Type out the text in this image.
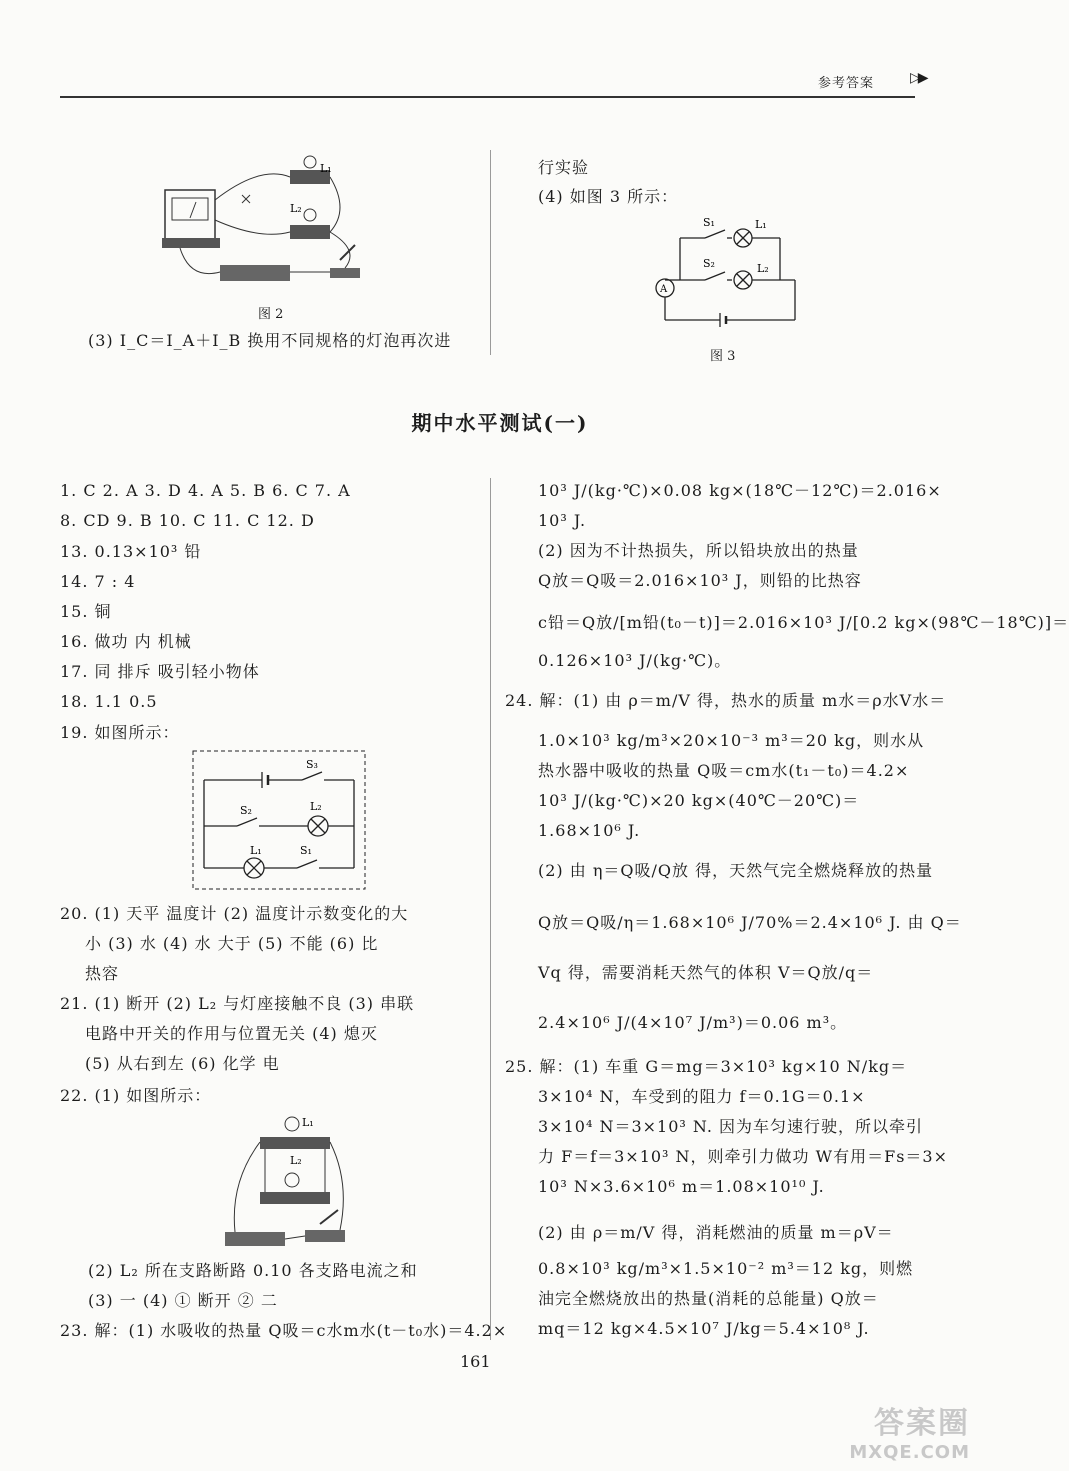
参考答案	▷▶
L₁
L₂
图 2
(3) I_C＝I_A＋I_B 换用不同规格的灯泡再次进
行实验
(4) 如图 3 所示：
S₁
S₂
L₁
L₂
A
图 3
期中水平测试(一)
1. C 2. A 3. D 4. A 5. B 6. C 7. A
8. CD 9. B 10. C 11. C 12. D
13. 0.13×10³ 铅
14. 7 : 4
15. 铜
16. 做功 内 机械
17. 同 排斥 吸引轻小物体
18. 1.1 0.5
19. 如图所示：
S₃
S₂	L₂
L₁	S₁
20. (1) 天平 温度计 (2) 温度计示数变化的大
小 (3) 水 (4) 水 大于 (5) 不能 (6) 比
热容
21. (1) 断开 (2) L₂ 与灯座接触不良 (3) 串联
电路中开关的作用与位置无关 (4) 熄灭
(5) 从右到左 (6) 化学 电
22. (1) 如图所示：
L₁
L₂
(2) L₂ 所在支路断路 0.10 各支路电流之和
(3) 一 (4) ① 断开 ② 二
23. 解：(1) 水吸收的热量 Q吸＝c水m水(t－t₀水)＝4.2×
10³ J/(kg·℃)×0.08 kg×(18℃－12℃)＝2.016×
10³ J.
(2) 因为不计热损失，所以铅块放出的热量
Q放＝Q吸＝2.016×10³ J，则铅的比热容
c铅＝Q放/[m铅(t₀－t)]＝2.016×10³ J/[0.2 kg×(98℃－18℃)]＝
0.126×10³ J/(kg·℃)。
24. 解：(1) 由 ρ＝m/V 得，热水的质量 m水＝ρ水V水＝
1.0×10³ kg/m³×20×10⁻³ m³＝20 kg，则水从
热水器中吸收的热量 Q吸＝cm水(t₁－t₀)＝4.2×
10³ J/(kg·℃)×20 kg×(40℃－20℃)＝
1.68×10⁶ J.
(2) 由 η＝Q吸/Q放 得，天然气完全燃烧释放的热量
Q放＝Q吸/η＝1.68×10⁶ J/70%＝2.4×10⁶ J. 由 Q＝
Vq 得，需要消耗天然气的体积 V＝Q放/q＝
2.4×10⁶ J/(4×10⁷ J/m³)＝0.06 m³。
25. 解：(1) 车重 G＝mg＝3×10³ kg×10 N/kg＝
3×10⁴ N，车受到的阻力 f＝0.1G＝0.1×
3×10⁴ N＝3×10³ N. 因为车匀速行驶，所以牵引
力 F＝f＝3×10³ N，则牵引力做功 W有用＝Fs＝3×
10³ N×3.6×10⁶ m＝1.08×10¹⁰ J.
(2) 由 ρ＝m/V 得，消耗燃油的质量 m＝ρV＝
0.8×10³ kg/m³×1.5×10⁻² m³＝12 kg，则燃
油完全燃烧放出的热量(消耗的总能量) Q放＝
mq＝12 kg×4.5×10⁷ J/kg＝5.4×10⁸ J.
161
答案圈
MXQE.COM
